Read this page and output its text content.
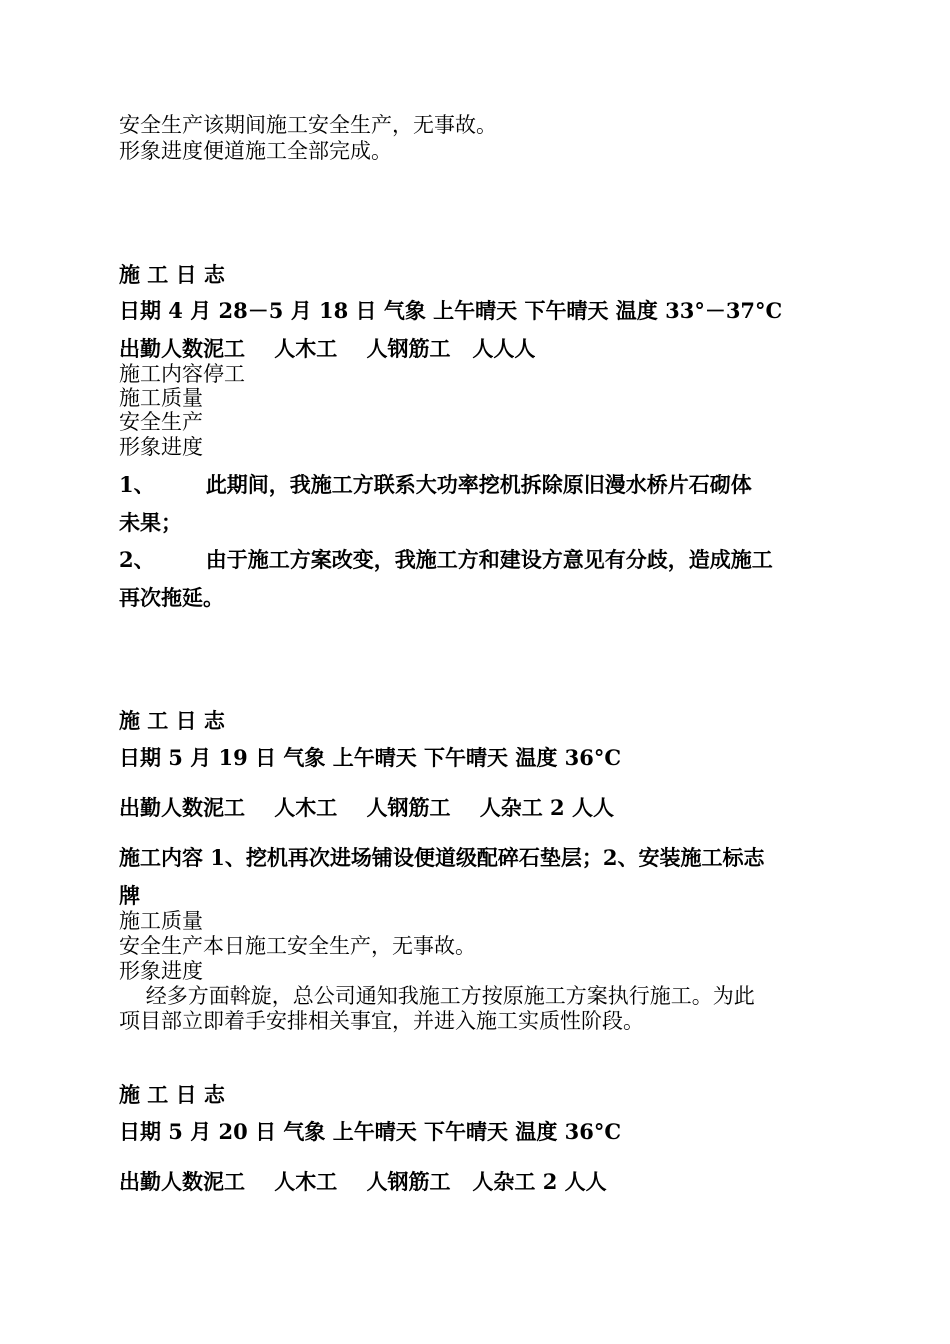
安全生产该期间施工安全生产，无事故。
形象进度便道施工全部完成。
施 工 日 志
日期 4 月 28－5 月 18 日 气象 上午晴天 下午晴天 温度 33°－37°C
出勤人数泥工    人木工    人钢筋工   人人人
施工内容停工
施工质量
安全生产
形象进度
1、       此期间，我施工方联系大功率挖机拆除原旧漫水桥片石砌体
未果；
2、       由于施工方案改变，我施工方和建设方意见有分歧，造成施工
再次拖延。
施 工 日 志
日期 5 月 19 日 气象 上午晴天 下午晴天 温度 36°C
出勤人数泥工    人木工    人钢筋工    人杂工 2 人人
施工内容 1、挖机再次进场铺设便道级配碎石垫层；2、安装施工标志
牌
施工质量
安全生产本日施工安全生产，无事故。
形象进度
经多方面斡旋，总公司通知我施工方按原施工方案执行施工。为此
项目部立即着手安排相关事宜，并进入施工实质性阶段。
施 工 日 志
日期 5 月 20 日 气象 上午晴天 下午晴天 温度 36°C
出勤人数泥工    人木工    人钢筋工   人杂工 2 人人
